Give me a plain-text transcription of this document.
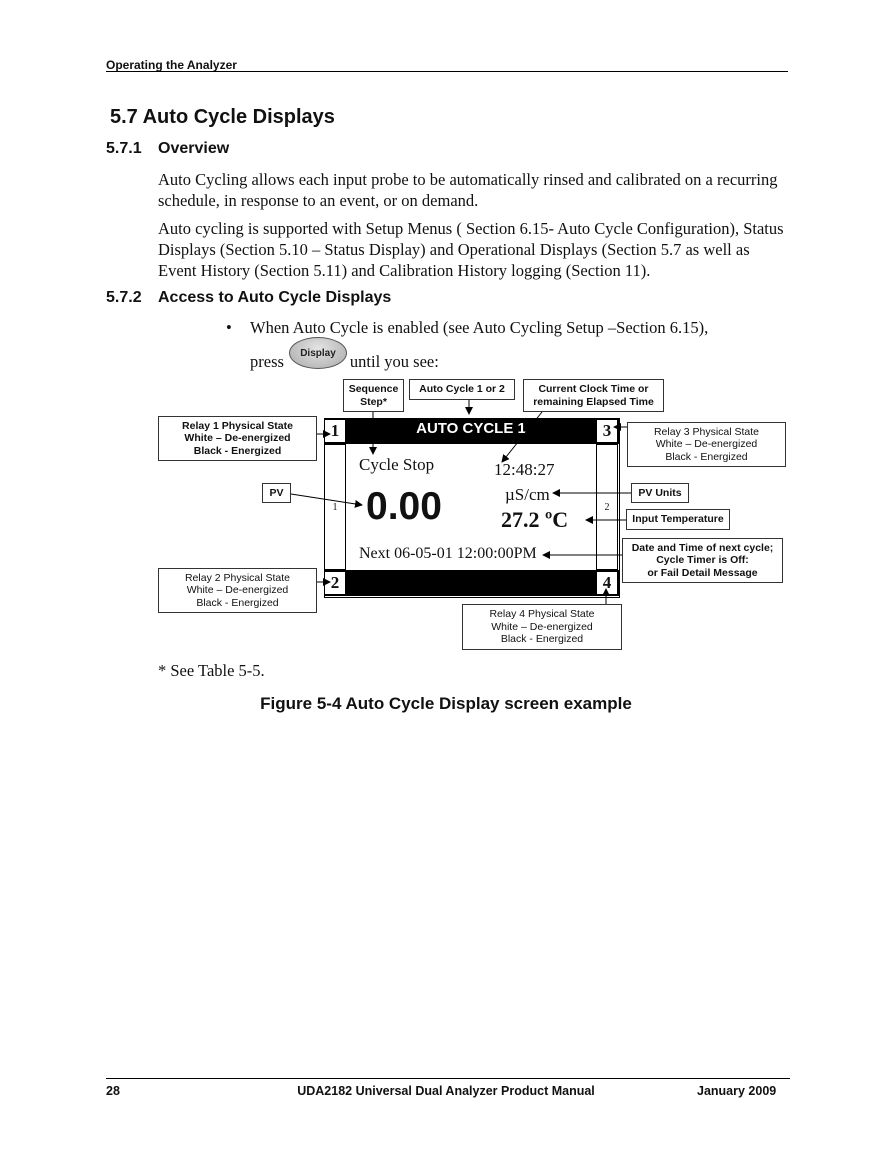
Operating the Analyzer
5.7 Auto Cycle Displays
5.7.1 Overview
Auto Cycling allows each input probe to be automatically rinsed and calibrated on a recurring schedule, in response to an event, or on demand.
Auto cycling is supported with Setup Menus ( Section 6.15- Auto Cycle Configuration), Status Displays (Section 5.10 – Status Display) and Operational Displays (Section 5.7 as well as Event History (Section 5.11) and Calibration History logging (Section 11).
5.7.2 Access to Auto Cycle Displays
• When Auto Cycle is enabled (see Auto Cycling Setup –Section 6.15),
press	until you see:
Display
AUTO CYCLE 1
1	3
2	4
1	2
Cycle Stop	12:48:27
0.00	µS/cm
27.2 ºC
Next 06-05-01 12:00:00PM
Sequence
Step*
Auto Cycle 1 or 2	Current Clock Time or
remaining Elapsed Time
Relay 1 Physical State
White – De-energized
Black - Energized
Relay 3 Physical State
White – De-energized
Black - Energized
PV	PV Units
Input Temperature
Date and Time of next cycle;
Cycle Timer is Off:
or Fail Detail Message
Relay 2 Physical State
White – De-energized
Black - Energized
Relay 4 Physical State
White – De-energized
Black - Energized
* See Table 5-5.
Figure 5-4 Auto Cycle Display screen example
28	UDA2182 Universal Dual Analyzer Product Manual	January 2009
